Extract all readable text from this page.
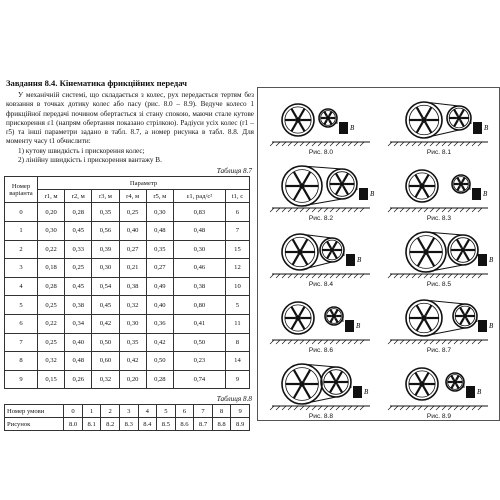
Завдання 8.4. Кінематика фрикційних передач
У механічній системі, що складається з колес, рух передається тертям без ковзання в точках дотику колес або пасу (рис. 8.0 – 8.9). Ведуче колесо 1 фрикційної передачі почином обертається зі стану спокою, маючи стале кутове прискорення ε1 (напрям обертання показано стрілкою). Радіуси усіх колес (r1 – r5) та інші параметри задано в табл. 8.7, а номер рисунка в табл. 8.8. Для моменту часу t1 обчислити:
1) кутову швидкість і прискорення колес;
2) лінійну швидкість і прискорення вантажу B.
Таблиця 8.7
Номер варіанта	Параметр						
	r1, м	r2, м	r3, м	r4, м	r5, м	ε1, рад/с²	t1, с
0	0,20	0,28	0,35	0,25	0,30	0,83	6
1	0,30	0,45	0,56	0,40	0,48	0,48	7
2	0,22	0,33	0,39	0,27	0,35	0,30	15
3	0,18	0,25	0,30	0,21	0,27	0,46	12
4	0,28	0,45	0,54	0,38	0,49	0,38	10
5	0,25	0,38	0,45	0,32	0,40	0,80	5
6	0,22	0,34	0,42	0,30	0,36	0,41	11
7	0,25	0,40	0,50	0,35	0,42	0,50	8
8	0,32	0,48	0,60	0,42	0,50	0,23	14
9	0,15	0,26	0,32	0,20	0,28	0,74	9
Таблиця 8.8
Номер умови	0	1	2	3	4	5	6	7	8	9
Рисунок	8.0	8.1	8.2	8.3	8.4	8.5	8.6	8.7	8.8	8.9
B
Рис. 8.0
B
Рис. 8.1
B
Рис. 8.2
B
Рис. 8.3
B
Рис. 8.4
B
Рис. 8.5
B
Рис. 8.6
B
Рис. 8.7
B
Рис. 8.8
B
Рис. 8.9
